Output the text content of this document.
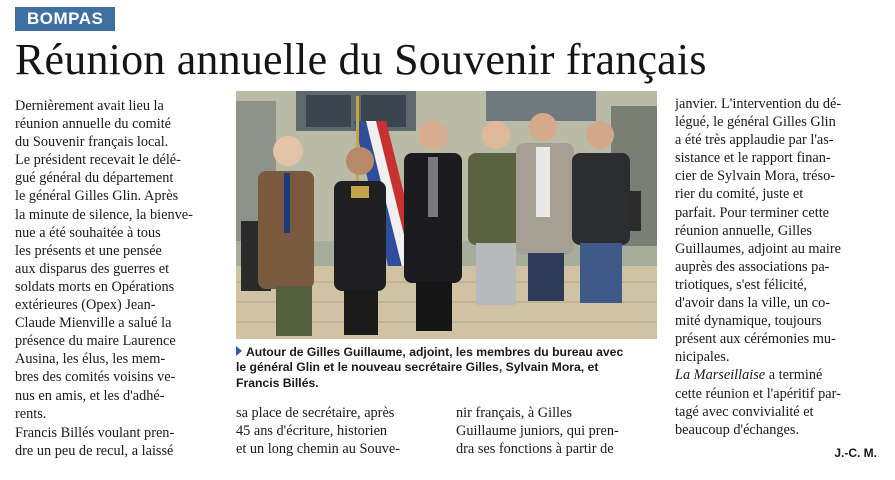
BOMPAS
Réunion annuelle du Souvenir français
Dernièrement avait lieu la
réunion annuelle du comité
du Souvenir français local.
Le président recevait le délé-
gué général du département
le général Gilles Glin. Après
la minute de silence, la bienve-
nue a été souhaitée à tous
les présents et une pensée
aux disparus des guerres et
soldats morts en Opérations
extérieures (Opex) Jean-
Claude Mienville a salué la
présence du maire Laurence
Ausina, les élus, les mem-
bres des comités voisins ve-
nus en amis, et les d'adhé-
rents.
Francis Billés voulant pren-
dre un peu de recul, a laissé
Autour de Gilles Guillaume, adjoint, les membres du bureau avec
le général Glin et le nouveau secrétaire Gilles, Sylvain Mora, et
Francis Billés.
sa place de secrétaire, après
45 ans d'écriture, historien
et un long chemin au Souve-
nir français, à Gilles
Guillaume juniors, qui pren-
dra ses fonctions à partir de
janvier. L'intervention du dé-
légué, le général Gilles Glin
a été très applaudie par l'as-
sistance et le rapport finan-
cier de Sylvain Mora, tréso-
rier du comité, juste et
parfait. Pour terminer cette
réunion annuelle, Gilles
Guillaumes, adjoint au maire
auprès des associations pa-
triotiques, s'est félicité,
d'avoir dans la ville, un co-
mité dynamique, toujours
présent aux cérémonies mu-
nicipales.
La Marseillaise a terminé
cette réunion et l'apéritif par-
tagé avec convivialité et
beaucoup d'échanges.
J.-C. M.
